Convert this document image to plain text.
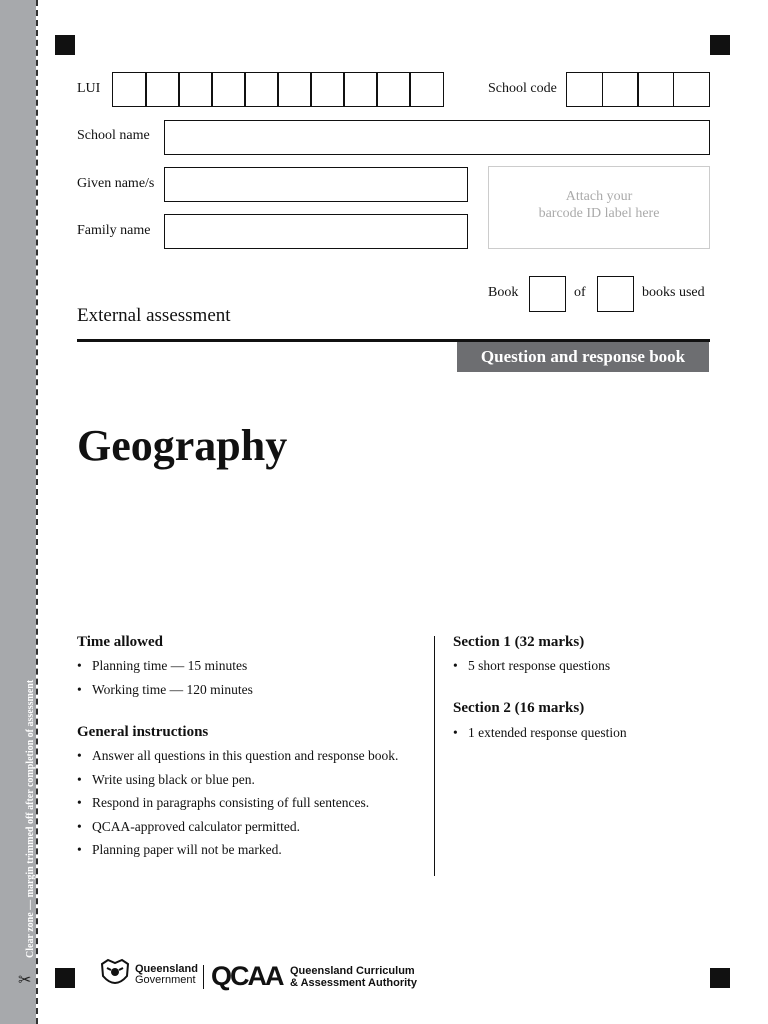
Clear zone — margin trimmed off after completion of assessment
✂
LUI	School code
School name
Given name/s
Family name
Attach your
barcode ID label here
Book	of	books used
External assessment
Question and response book
Geography
Time allowed
• Planning time — 15 minutes
• Working time — 120 minutes
General instructions
• Answer all questions in this question and response book.
• Write using black or blue pen.
• Respond in paragraphs consisting of full sentences.
• QCAA-approved calculator permitted.
• Planning paper will not be marked.
Section 1 (32 marks)
• 5 short response questions
Section 2 (16 marks)
• 1 extended response question
Queensland
Government QCAA Queensland Curriculum
& Assessment Authority
